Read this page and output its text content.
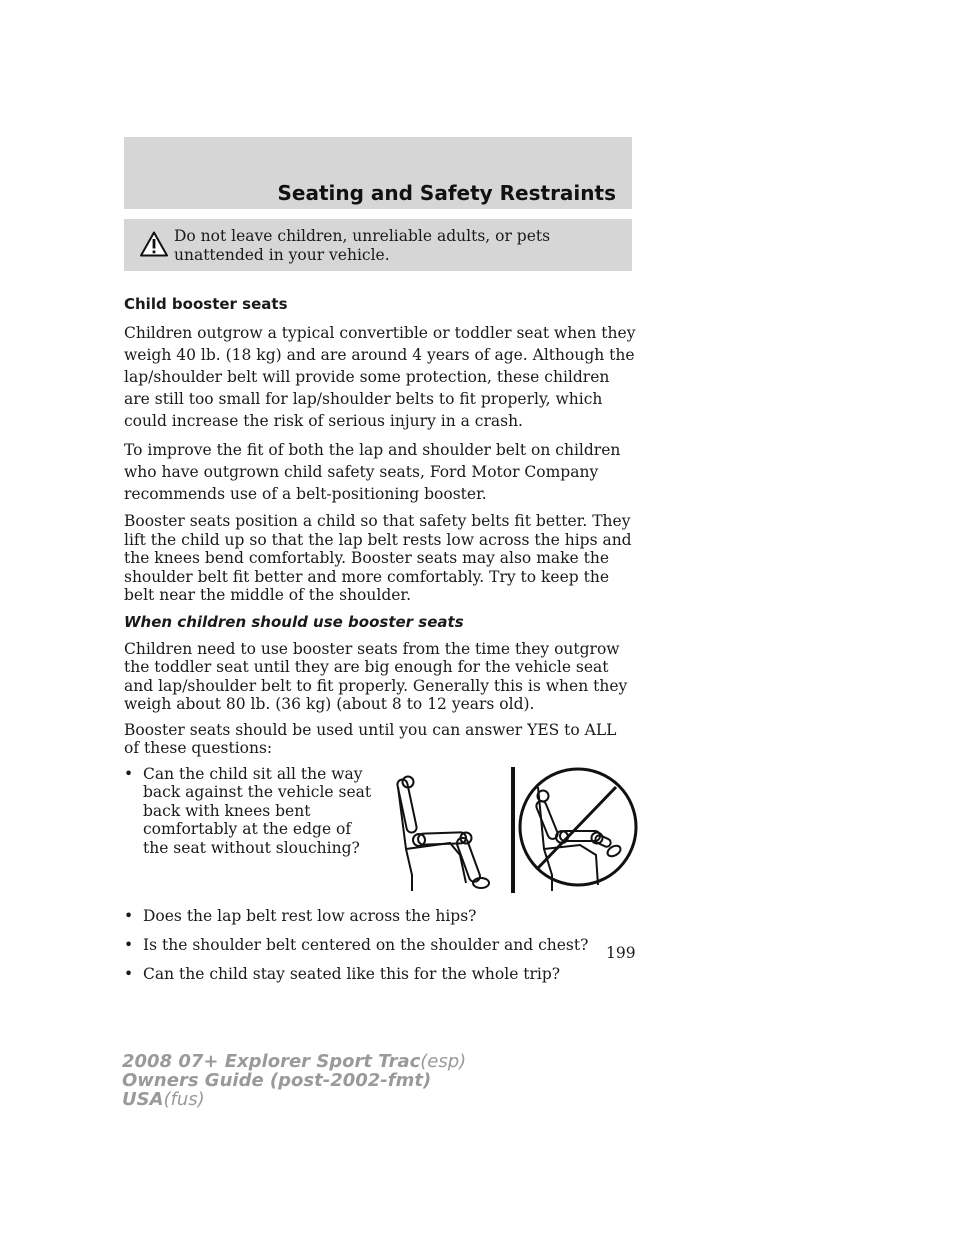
Seating and Safety Restraints
Do not leave children, unreliable adults, or pets unattended in your vehicle.
Child booster seats

Children outgrow a typical convertible or toddler seat when they weigh 40 lb. (18 kg) and are around 4 years of age. Although the lap/shoulder belt will provide some protection, these children are still too small for lap/shoulder belts to fit properly, which could increase the risk of serious injury in a crash.

To improve the fit of both the lap and shoulder belt on children who have outgrown child safety seats, Ford Motor Company recommends use of a belt-positioning booster.

Booster seats position a child so that safety belts fit better. They lift the child up so that the lap belt rests low across the hips and the knees bend comfortably. Booster seats may also make the shoulder belt fit better and more comfortably. Try to keep the belt near the middle of the shoulder.

When children should use booster seats

Children need to use booster seats from the time they outgrow the toddler seat until they are big enough for the vehicle seat and lap/shoulder belt to fit properly. Generally this is when they weigh about 80 lb. (36 kg) (about 8 to 12 years old).

Booster seats should be used until you can answer YES to ALL of these questions:

• Can the child sit all the way back against the vehicle seat back with knees bent comfortably at the edge of the seat without slouching?
• Does the lap belt rest low across the hips?
• Is the shoulder belt centered on the shoulder and chest?
• Can the child stay seated like this for the whole trip?
199
2008 07+ Explorer Sport Trac(esp)
Owners Guide (post-2002-fmt)
USA(fus)
